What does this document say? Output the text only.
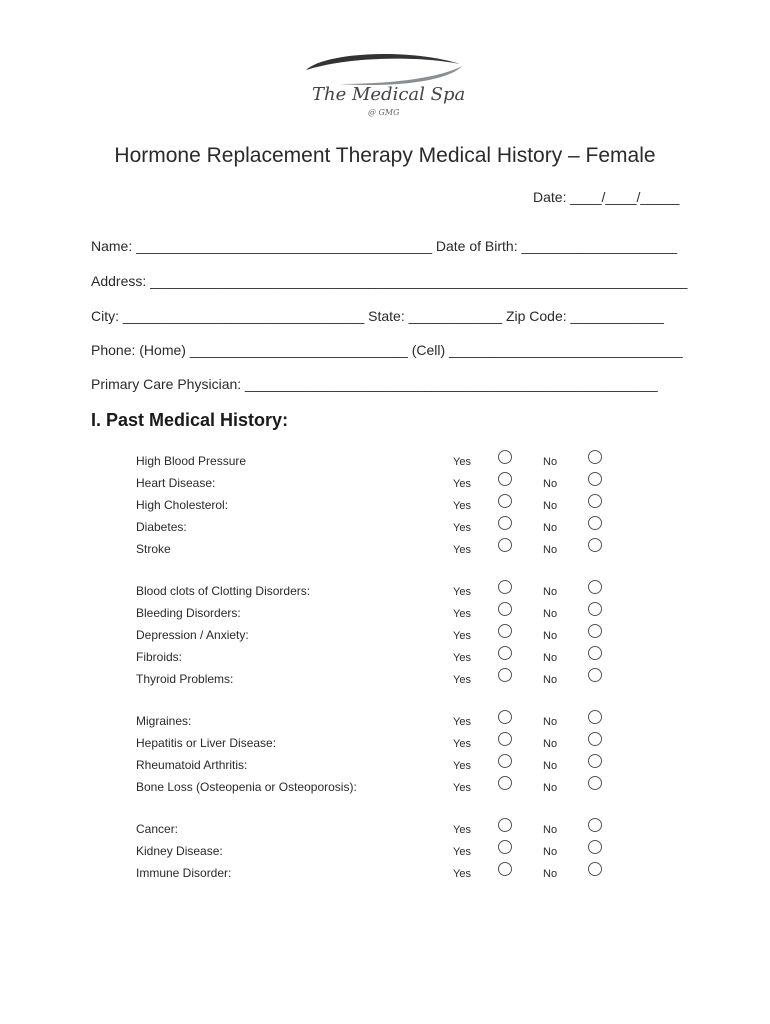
The Medical Spa
@ GMG
Hormone Replacement Therapy Medical History – Female
Date: ____/____/_____
Name: ______________________________________ Date of Birth: ____________________
Address: _____________________________________________________________________
City: _______________________________ State: ____________ Zip Code: ____________
Phone: (Home) ____________________________ (Cell) ______________________________
Primary Care Physician: _____________________________________________________
I. Past Medical History:
High Blood Pressure	Yes	No
Heart Disease:	Yes	No
High Cholesterol:	Yes	No
Diabetes:	Yes	No
Stroke	Yes	No
Blood clots of Clotting Disorders:	Yes	No
Bleeding Disorders:	Yes	No
Depression / Anxiety:	Yes	No
Fibroids:	Yes	No
Thyroid Problems:	Yes	No
Migraines:	Yes	No
Hepatitis or Liver Disease:	Yes	No
Rheumatoid Arthritis:	Yes	No
Bone Loss (Osteopenia or Osteoporosis):	Yes	No
Cancer:	Yes	No
Kidney Disease:	Yes	No
Immune Disorder:	Yes	No
